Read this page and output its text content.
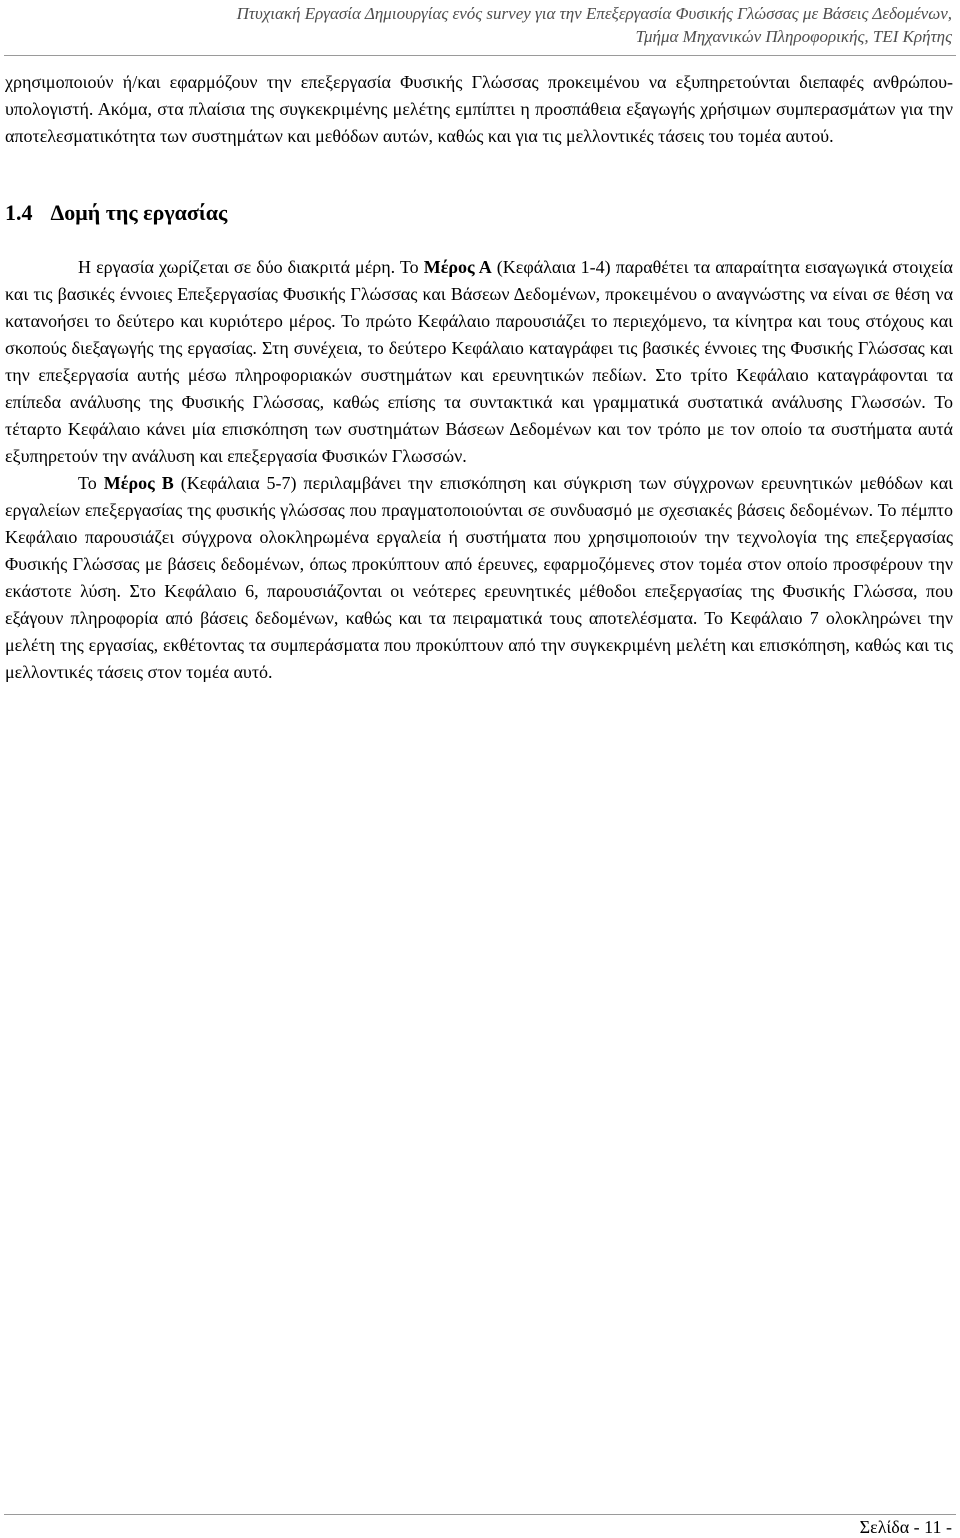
Πτυχιακή Εργασία Δημιουργίας ενός survey για την Επεξεργασία Φυσικής Γλώσσας με Βάσεις Δεδομένων,
Τμήμα Μηχανικών Πληροφορικής, ΤΕΙ Κρήτης

χρησιμοποιούν ή/και εφαρμόζουν την επεξεργασία Φυσικής Γλώσσας προκειμένου να εξυπηρετούνται διεπαφές ανθρώπου-υπολογιστή. Ακόμα, στα πλαίσια της συγκεκριμένης μελέτης εμπίπτει η προσπάθεια εξαγωγής χρήσιμων συμπερασμάτων για την αποτελεσματικότητα των συστημάτων και μεθόδων αυτών, καθώς και για τις μελλοντικές τάσεις του τομέα αυτού.

1.4 Δομή της εργασίας

Η εργασία χωρίζεται σε δύο διακριτά μέρη. Το Μέρος Α (Κεφάλαια 1-4) παραθέτει τα απαραίτητα εισαγωγικά στοιχεία και τις βασικές έννοιες Επεξεργασίας Φυσικής Γλώσσας και Βάσεων Δεδομένων, προκειμένου ο αναγνώστης να είναι σε θέση να κατανοήσει το δεύτερο και κυριότερο μέρος. Το πρώτο Κεφάλαιο παρουσιάζει το περιεχόμενο, τα κίνητρα και τους στόχους και σκοπούς διεξαγωγής της εργασίας. Στη συνέχεια, το δεύτερο Κεφάλαιο καταγράφει τις βασικές έννοιες της Φυσικής Γλώσσας και την επεξεργασία αυτής μέσω πληροφοριακών συστημάτων και ερευνητικών πεδίων. Στο τρίτο Κεφάλαιο καταγράφονται τα επίπεδα ανάλυσης της Φυσικής Γλώσσας, καθώς επίσης τα συντακτικά και γραμματικά συστατικά ανάλυσης Γλωσσών. Το τέταρτο Κεφάλαιο κάνει μία επισκόπηση των συστημάτων Βάσεων Δεδομένων και τον τρόπο με τον οποίο τα συστήματα αυτά εξυπηρετούν την ανάλυση και επεξεργασία Φυσικών Γλωσσών.

Το Μέρος Β (Κεφάλαια 5-7) περιλαμβάνει την επισκόπηση και σύγκριση των σύγχρονων ερευνητικών μεθόδων και εργαλείων επεξεργασίας της φυσικής γλώσσας που πραγματοποιούνται σε συνδυασμό με σχεσιακές βάσεις δεδομένων. Το πέμπτο Κεφάλαιο παρουσιάζει σύγχρονα ολοκληρωμένα εργαλεία ή συστήματα που χρησιμοποιούν την τεχνολογία της επεξεργασίας Φυσικής Γλώσσας με βάσεις δεδομένων, όπως προκύπτουν από έρευνες, εφαρμοζόμενες στον τομέα στον οποίο προσφέρουν την εκάστοτε λύση. Στο Κεφάλαιο 6, παρουσιάζονται οι νεότερες ερευνητικές μέθοδοι επεξεργασίας της Φυσικής Γλώσσα, που εξάγουν πληροφορία από βάσεις δεδομένων, καθώς και τα πειραματικά τους αποτελέσματα. Το Κεφάλαιο 7 ολοκληρώνει την μελέτη της εργασίας, εκθέτοντας τα συμπεράσματα που προκύπτουν από την συγκεκριμένη μελέτη και επισκόπηση, καθώς και τις μελλοντικές τάσεις στον τομέα αυτό.

Σελίδα - 11 -
